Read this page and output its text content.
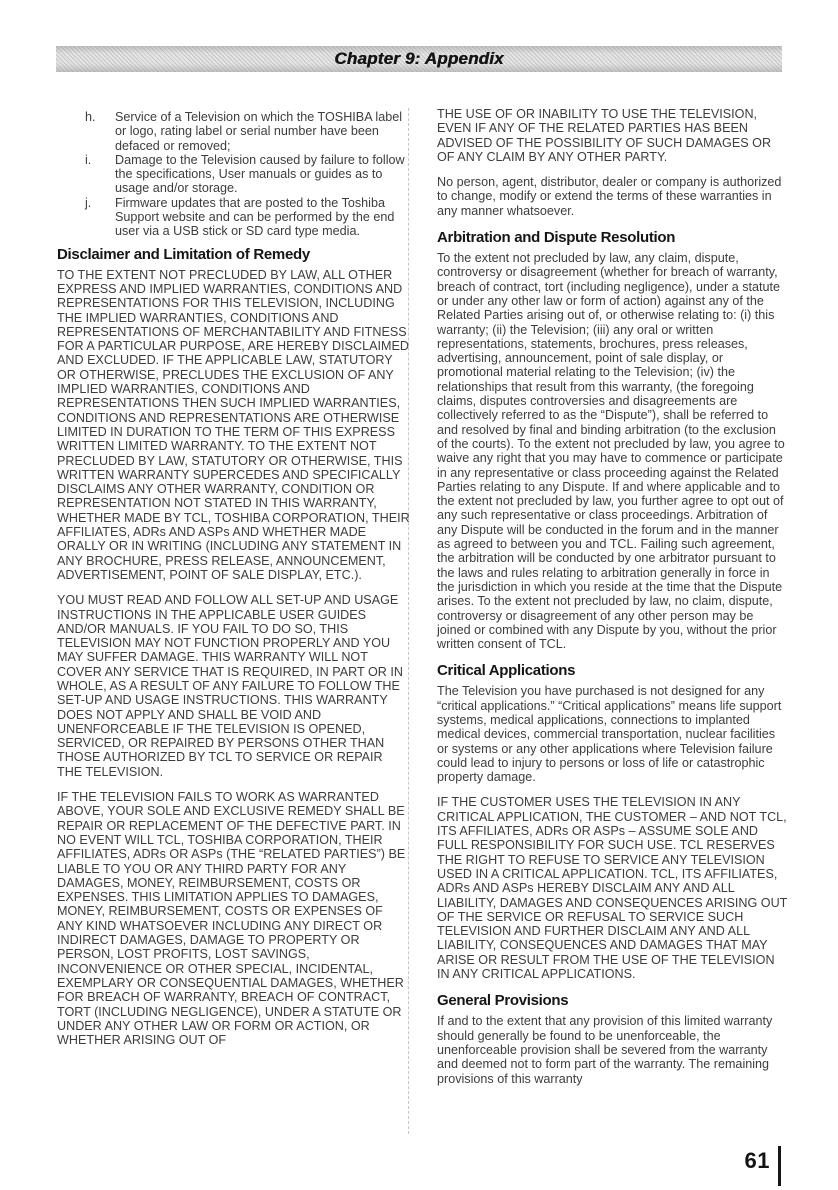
Chapter 9: Appendix
h.	Service of a Television on which the TOSHIBA label or logo, rating label or serial number have been defaced or removed;
i.	Damage to the Television caused by failure to follow the specifications, User manuals or guides as to usage and/or storage.
j.	Firmware updates that are posted to the Toshiba Support website and can be performed by the end user via a USB stick or SD card type media.
Disclaimer and Limitation of Remedy

TO THE EXTENT NOT PRECLUDED BY LAW, ALL OTHER EXPRESS AND IMPLIED WARRANTIES, CONDITIONS AND REPRESENTATIONS FOR THIS TELEVISION, INCLUDING THE IMPLIED WARRANTIES, CONDITIONS AND REPRESENTATIONS OF MERCHANTABILITY AND FITNESS FOR A PARTICULAR PURPOSE, ARE HEREBY DISCLAIMED AND EXCLUDED. IF THE APPLICABLE LAW, STATUTORY OR OTHERWISE, PRECLUDES THE EXCLUSION OF ANY IMPLIED WARRANTIES, CONDITIONS AND REPRESENTATIONS THEN SUCH IMPLIED WARRANTIES, CONDITIONS AND REPRESENTATIONS ARE OTHERWISE LIMITED IN DURATION TO THE TERM OF THIS EXPRESS WRITTEN LIMITED WARRANTY. TO THE EXTENT NOT PRECLUDED BY LAW, STATUTORY OR OTHERWISE, THIS WRITTEN WARRANTY SUPERCEDES AND SPECIFICALLY DISCLAIMS ANY OTHER WARRANTY, CONDITION OR REPRESENTATION NOT STATED IN THIS WARRANTY, WHETHER MADE BY TCL, TOSHIBA CORPORATION, THEIR AFFILIATES, ADRs AND ASPs AND WHETHER MADE ORALLY OR IN WRITING (INCLUDING ANY STATEMENT IN ANY BROCHURE, PRESS RELEASE, ANNOUNCEMENT, ADVERTISEMENT, POINT OF SALE DISPLAY, ETC.).

YOU MUST READ AND FOLLOW ALL SET-UP AND USAGE INSTRUCTIONS IN THE APPLICABLE USER GUIDES AND/OR MANUALS. IF YOU FAIL TO DO SO, THIS TELEVISION MAY NOT FUNCTION PROPERLY AND YOU MAY SUFFER DAMAGE. THIS WARRANTY WILL NOT COVER ANY SERVICE THAT IS REQUIRED, IN PART OR IN WHOLE, AS A RESULT OF ANY FAILURE TO FOLLOW THE SET-UP AND USAGE INSTRUCTIONS. THIS WARRANTY DOES NOT APPLY AND SHALL BE VOID AND UNENFORCEABLE IF THE TELEVISION IS OPENED, SERVICED, OR REPAIRED BY PERSONS OTHER THAN THOSE AUTHORIZED BY TCL TO SERVICE OR REPAIR THE TELEVISION.

IF THE TELEVISION FAILS TO WORK AS WARRANTED ABOVE, YOUR SOLE AND EXCLUSIVE REMEDY SHALL BE REPAIR OR REPLACEMENT OF THE DEFECTIVE PART. IN NO EVENT WILL TCL, TOSHIBA CORPORATION, THEIR AFFILIATES, ADRs OR ASPs (THE “RELATED PARTIES”) BE LIABLE TO YOU OR ANY THIRD PARTY FOR ANY DAMAGES, MONEY, REIMBURSEMENT, COSTS OR EXPENSES. THIS LIMITATION APPLIES TO DAMAGES, MONEY, REIMBURSEMENT, COSTS OR EXPENSES OF ANY KIND WHATSOEVER INCLUDING ANY DIRECT OR INDIRECT DAMAGES, DAMAGE TO PROPERTY OR PERSON, LOST PROFITS, LOST SAVINGS, INCONVENIENCE OR OTHER SPECIAL, INCIDENTAL, EXEMPLARY OR CONSEQUENTIAL DAMAGES, WHETHER FOR BREACH OF WARRANTY, BREACH OF CONTRACT, TORT (INCLUDING NEGLIGENCE), UNDER A STATUTE OR UNDER ANY OTHER LAW OR FORM OR ACTION, OR WHETHER ARISING OUT OF

THE USE OF OR INABILITY TO USE THE TELEVISION, EVEN IF ANY OF THE RELATED PARTIES HAS BEEN ADVISED OF THE POSSIBILITY OF SUCH DAMAGES OR OF ANY CLAIM BY ANY OTHER PARTY.

No person, agent, distributor, dealer or company is authorized to change, modify or extend the terms of these warranties in any manner whatsoever.

Arbitration and Dispute Resolution

To the extent not precluded by law, any claim, dispute, controversy or disagreement (whether for breach of warranty, breach of contract, tort (including negligence), under a statute or under any other law or form of action) against any of the Related Parties arising out of, or otherwise relating to: (i) this warranty; (ii) the Television; (iii) any oral or written representations, statements, brochures, press releases, advertising, announcement, point of sale display, or promotional material relating to the Television; (iv) the relationships that result from this warranty, (the foregoing claims, disputes controversies and disagreements are collectively referred to as the “Dispute”), shall be referred to and resolved by final and binding arbitration (to the exclusion of the courts). To the extent not precluded by law, you agree to waive any right that you may have to commence or participate in any representative or class proceeding against the Related Parties relating to any Dispute. If and where applicable and to the extent not precluded by law, you further agree to opt out of any such representative or class proceedings. Arbitration of any Dispute will be conducted in the forum and in the manner as agreed to between you and TCL. Failing such agreement, the arbitration will be conducted by one arbitrator pursuant to the laws and rules relating to arbitration generally in force in the jurisdiction in which you reside at the time that the Dispute arises. To the extent not precluded by law, no claim, dispute, controversy or disagreement of any other person may be joined or combined with any Dispute by you, without the prior written consent of TCL.

Critical Applications

The Television you have purchased is not designed for any “critical applications.” “Critical applications” means life support systems, medical applications, connections to implanted medical devices, commercial transportation, nuclear facilities or systems or any other applications where Television failure could lead to injury to persons or loss of life or catastrophic property damage.

IF THE CUSTOMER USES THE TELEVISION IN ANY CRITICAL APPLICATION, THE CUSTOMER – AND NOT TCL, ITS AFFILIATES, ADRs OR ASPs – ASSUME SOLE AND FULL RESPONSIBILITY FOR SUCH USE. TCL RESERVES THE RIGHT TO REFUSE TO SERVICE ANY TELEVISION USED IN A CRITICAL APPLICATION. TCL, ITS AFFILIATES, ADRs AND ASPs HEREBY DISCLAIM ANY AND ALL LIABILITY, DAMAGES AND CONSEQUENCES ARISING OUT OF THE SERVICE OR REFUSAL TO SERVICE SUCH TELEVISION AND FURTHER DISCLAIM ANY AND ALL LIABILITY, CONSEQUENCES AND DAMAGES THAT MAY ARISE OR RESULT FROM THE USE OF THE TELEVISION IN ANY CRITICAL APPLICATIONS.

General Provisions

If and to the extent that any provision of this limited warranty should generally be found to be unenforceable, the unenforceable provision shall be severed from the warranty and deemed not to form part of the warranty. The remaining provisions of this warranty

61
